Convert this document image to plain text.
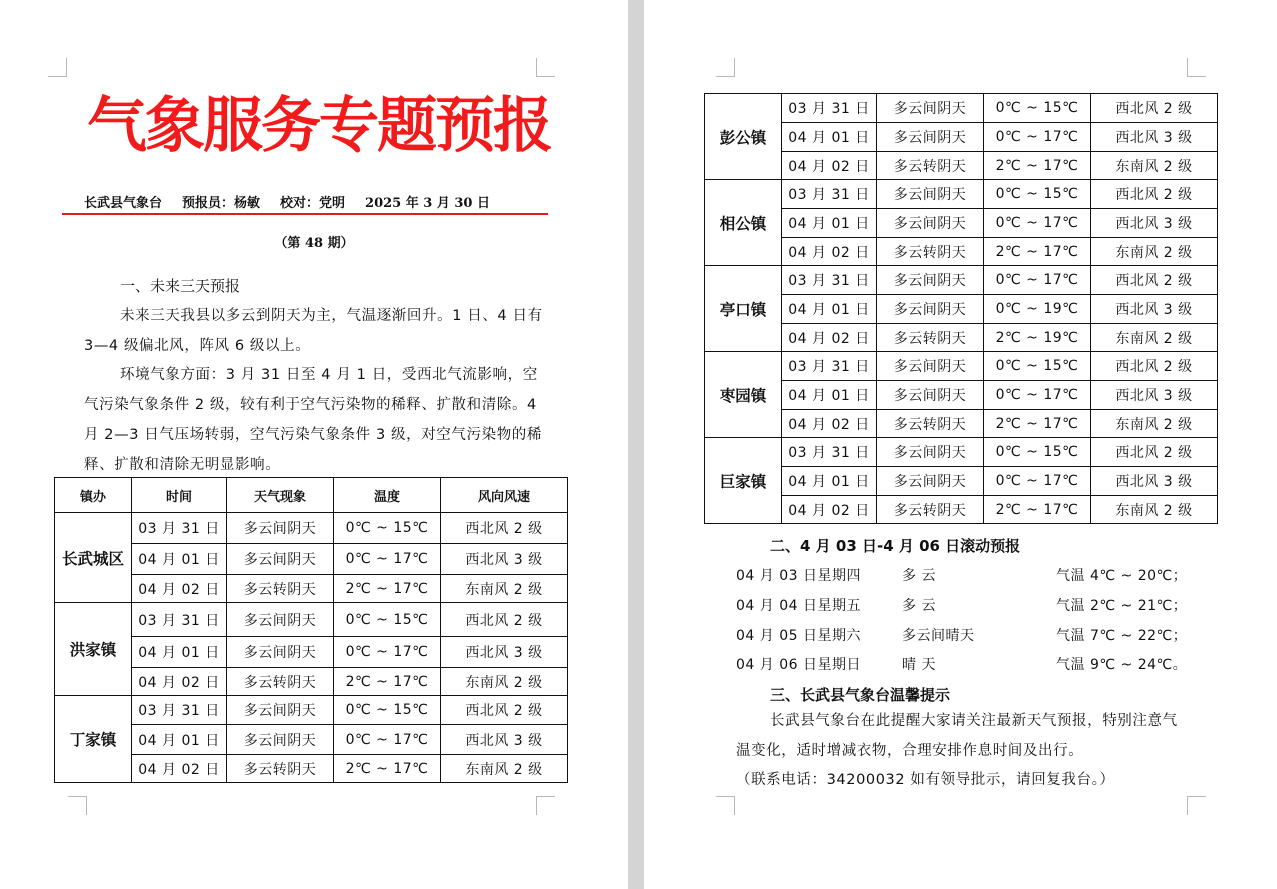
气象服务专题预报
长武县气象台 预报员：杨敏 校对：党明 2025 年 3 月 30 日
（第 48 期）
一、未来三天预报

未来三天我县以多云到阴天为主，气温逐渐回升。1 日、4 日有 3—4 级偏北风，阵风 6 级以上。

环境气象方面：3 月 31 日至 4 月 1 日，受西北气流影响，空气污染气象条件 2 级，较有利于空气污染物的稀释、扩散和清除。4 月 2—3 日气压场转弱，空气污染气象条件 3 级，对空气污染物的稀释、扩散和清除无明显影响。

镇办	时间	天气现象	温度	风向风速
长武城区	03 月 31 日	多云间阴天	0℃ ~ 15℃	西北风 2 级
	04 月 01 日	多云间阴天	0℃ ~ 17℃	西北风 3 级
	04 月 02 日	多云转阴天	2℃ ~ 17℃	东南风 2 级
洪家镇	03 月 31 日	多云间阴天	0℃ ~ 15℃	西北风 2 级
	04 月 01 日	多云间阴天	0℃ ~ 17℃	西北风 3 级
	04 月 02 日	多云转阴天	2℃ ~ 17℃	东南风 2 级
丁家镇	03 月 31 日	多云间阴天	0℃ ~ 15℃	西北风 2 级
	04 月 01 日	多云间阴天	0℃ ~ 17℃	西北风 3 级
	04 月 02 日	多云转阴天	2℃ ~ 17℃	东南风 2 级
彭公镇	03 月 31 日	多云间阴天	0℃ ~ 15℃	西北风 2 级
	04 月 01 日	多云间阴天	0℃ ~ 17℃	西北风 3 级
	04 月 02 日	多云转阴天	2℃ ~ 17℃	东南风 2 级
相公镇	03 月 31 日	多云间阴天	0℃ ~ 15℃	西北风 2 级
	04 月 01 日	多云间阴天	0℃ ~ 17℃	西北风 3 级
	04 月 02 日	多云转阴天	2℃ ~ 17℃	东南风 2 级
亭口镇	03 月 31 日	多云间阴天	0℃ ~ 17℃	西北风 2 级
	04 月 01 日	多云间阴天	0℃ ~ 19℃	西北风 3 级
	04 月 02 日	多云转阴天	2℃ ~ 19℃	东南风 2 级
枣园镇	03 月 31 日	多云间阴天	0℃ ~ 15℃	西北风 2 级
	04 月 01 日	多云间阴天	0℃ ~ 17℃	西北风 3 级
	04 月 02 日	多云转阴天	2℃ ~ 17℃	东南风 2 级
巨家镇	03 月 31 日	多云间阴天	0℃ ~ 15℃	西北风 2 级
	04 月 01 日	多云间阴天	0℃ ~ 17℃	西北风 3 级
	04 月 02 日	多云转阴天	2℃ ~ 17℃	东南风 2 级
二、4 月 03 日-4 月 06 日滚动预报
04 月 03 日星期四	多 云	气温 4℃ ~ 20℃；
04 月 04 日星期五	多 云	气温 2℃ ~ 21℃；
04 月 05 日星期六	多云间晴天	气温 7℃ ~ 22℃；
04 月 06 日星期日	晴 天	气温 9℃ ~ 24℃。
三、长武县气象台温馨提示

长武县气象台在此提醒大家请关注最新天气预报，特别注意气温变化，适时增减衣物，合理安排作息时间及出行。

（联系电话：34200032 如有领导批示，请回复我台。）
